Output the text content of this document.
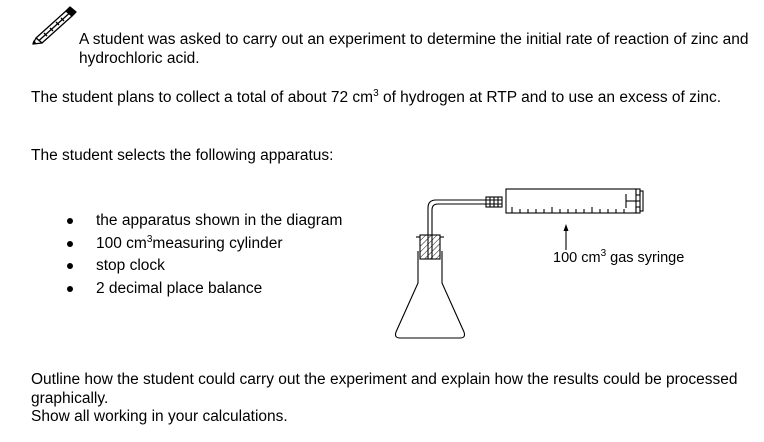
A student was asked to carry out an experiment to determine the initial rate of reaction of zinc and hydrochloric acid.

The student plans to collect a total of about 72 $cm^3$ of hydrogen at RTP and to use an excess of zinc.

The student selects the following apparatus:

the apparatus shown in the diagram
100 $cm^3measuring$ cylinder
stop clock
2 decimal place balance
100 $cm^3$ gas syringe

Outline how the student could carry out the experiment and explain how the results could be processed graphically.

Show all working in your calculations.
